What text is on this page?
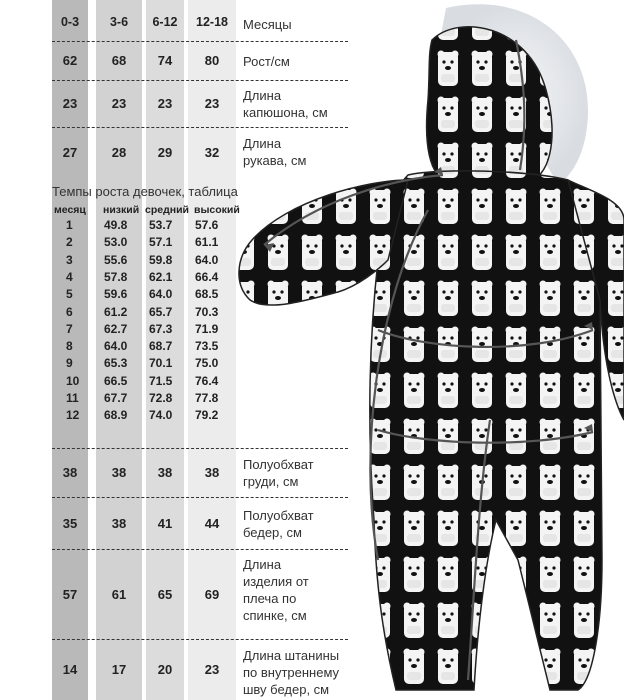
0-3	3-6	6-12	12-18	Месяцы
62	68	74	80	Рост/см
23	23	23	23
Длина
капюшона, см
27	28	29	32
Длина
рукава, см
Темпы роста девочек, таблица
месяц низкий средний высокий
1	49.8 53.7 57.6
2	53.0 57.1 61.1
3	55.6 59.8 64.0
4	57.8 62.1 66.4
5	59.6 64.0 68.5
6	61.2 65.7 70.3
7	62.7 67.3 71.9
8	64.0 68.7 73.5
9	65.3 70.1 75.0
10 66.5 71.5 76.4
11 67.7 72.8 77.8
12 68.9 74.0 79.2
38	38	38	38
Полуобхват
груди, см
35	38	41	44
Полуобхват
бедер, см
57	61	65	69
Длина
изделия от
плеча по
спинке, см
14	17	20	23
Длина штанины
по внутреннему
шву бедер, см
